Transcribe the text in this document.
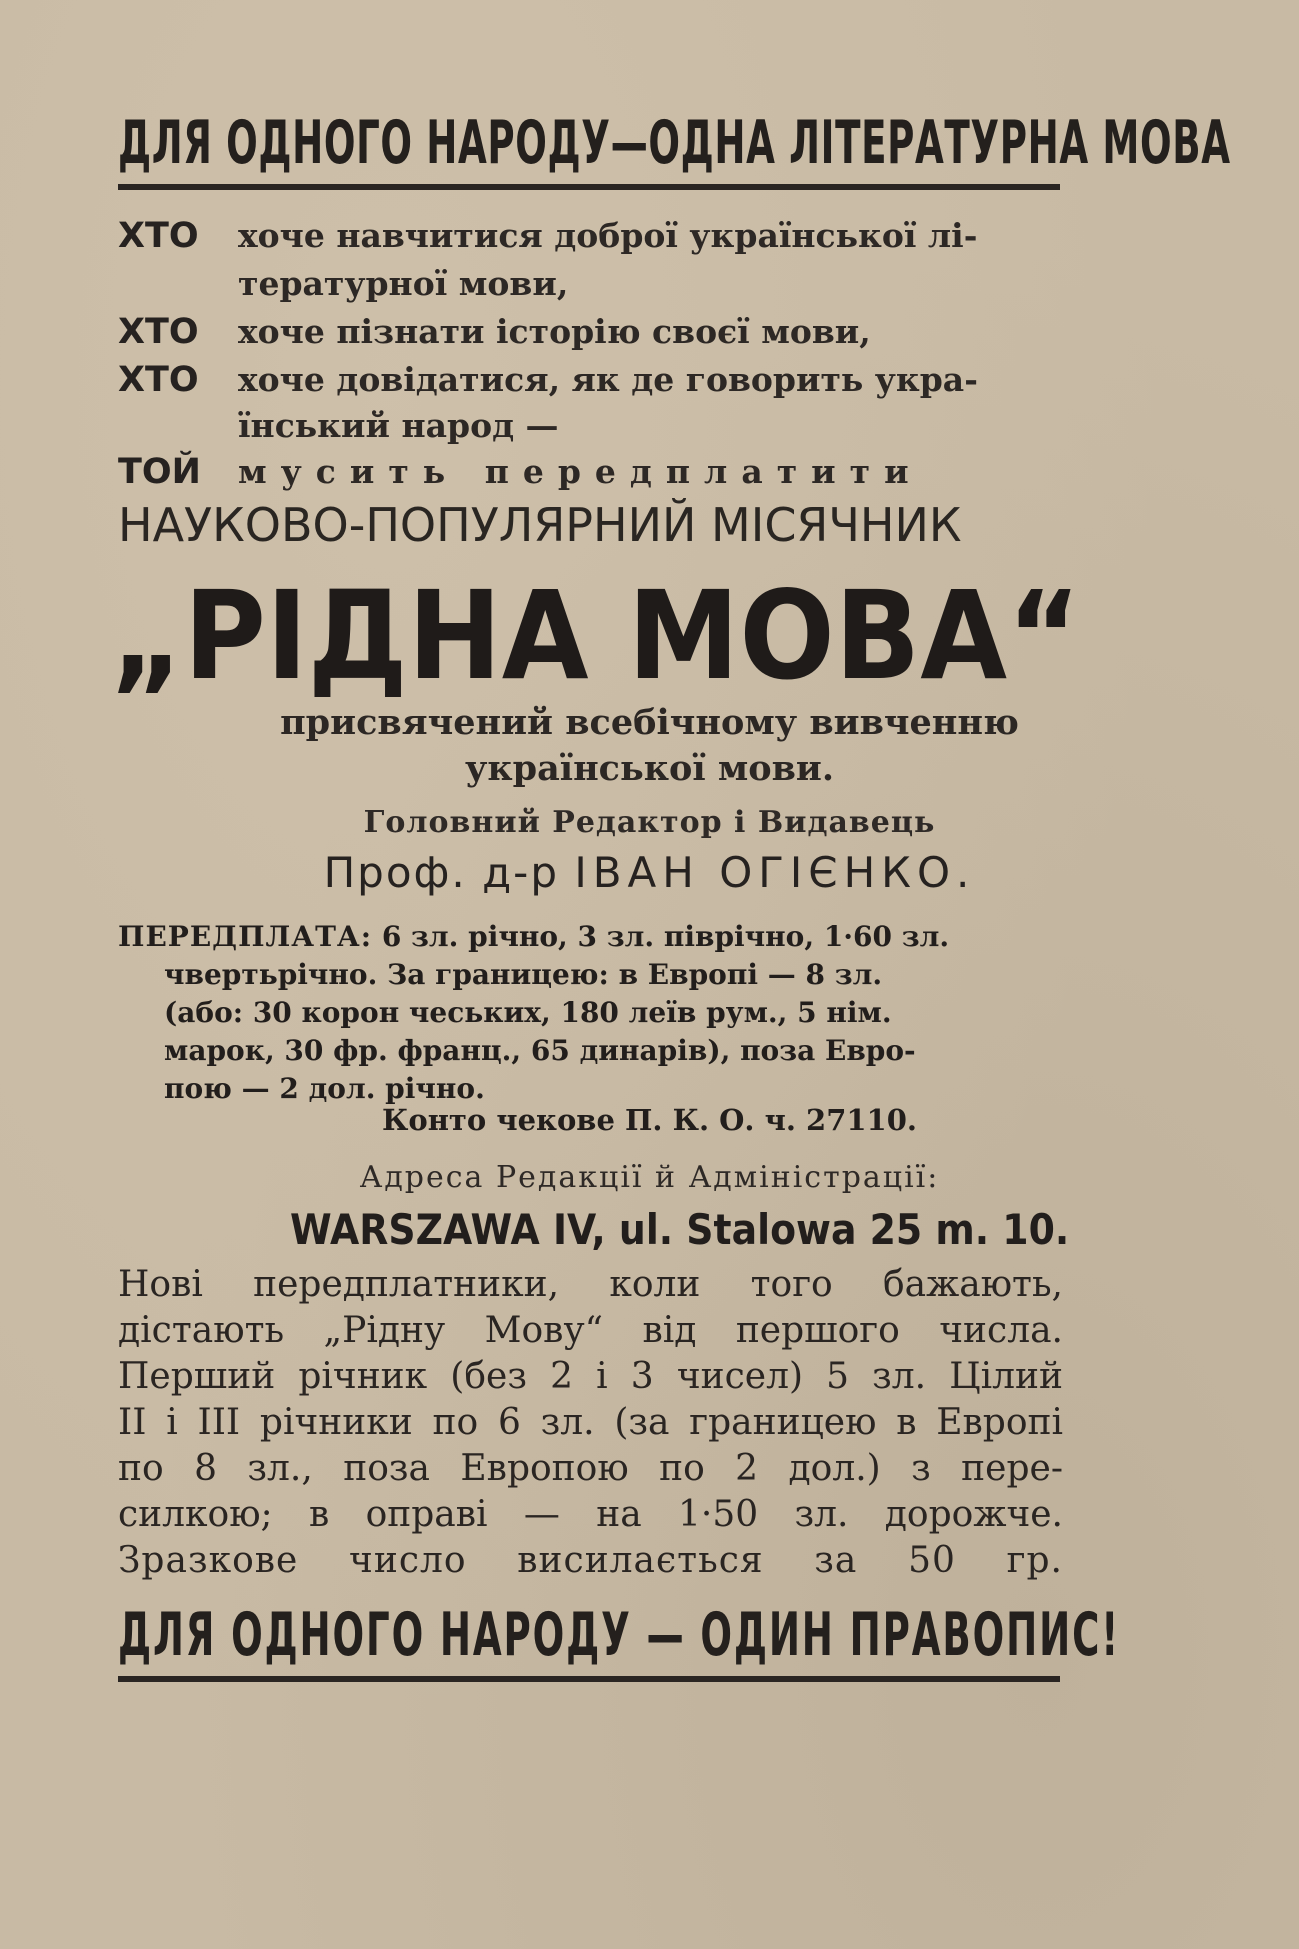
ДЛЯ ОДНОГО НАРОДУ—ОДНА ЛІТЕРАТУРНА МОВА
ХТО	хоче навчитися доброї української лі-
тературної мови,
ХТО	хоче пізнати історію своєї мови,
ХТО	хоче довідатися, як де говорить укра-
їнський народ —
ТОЙ	мусить передплатити
НАУКОВО-ПОПУЛЯРНИЙ МІСЯЧНИК
„РІДНА МОВА“
присвячений всебічному вивченню
української мови.
Головний Редактор і Видавець
Проф. д-р ІВАН ОГІЄНКО.
ПЕРЕДПЛАТА: 6 зл. річно, 3 зл. піврічно, 1·60 зл.
чвертьрічно. За границею: в Европі — 8 зл.
(або: 30 корон чеських, 180 леїв рум., 5 нім.
марок, 30 фр. франц., 65 динарів), поза Евро-
пою — 2 дол. річно.
Конто чекове П. К. О. ч. 27110.
Адреса Редакції й Адміністрації:
WARSZAWA IV, ul. Stalowa 25 m. 10.

Нові передплатники, коли того бажають,

дістають „Рідну Мову“ від першого числа.

Перший річник (без 2 і 3 чисел) 5 зл. Цілий

II і III річники по 6 зл. (за границею в Европі

по 8 зл., поза Европою по 2 дол.) з пере-

силкою; в оправі — на 1·50 зл. дорожче.

Зразкове число висилається за 50 гр.

ДЛЯ ОДНОГО НАРОДУ — ОДИН ПРАВОПИС!
